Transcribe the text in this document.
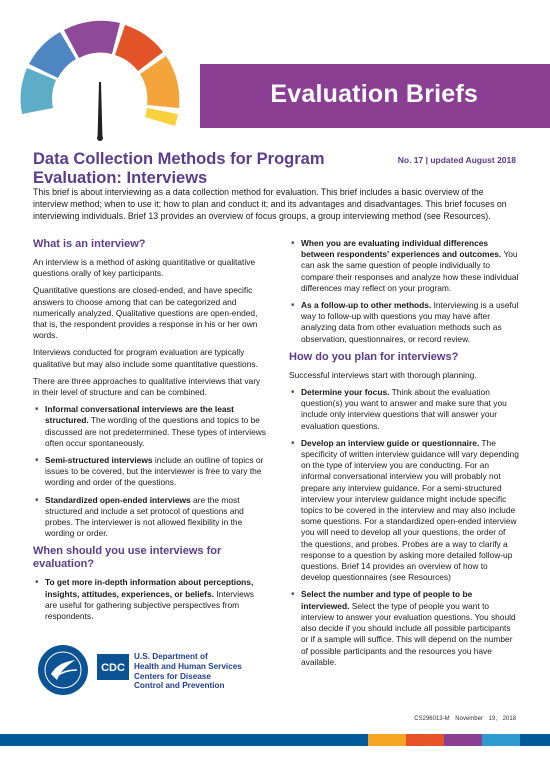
Evaluation Briefs
Data Collection Methods for Program
Evaluation: Interviews
No. 17 | updated August 2018

This brief is about interviewing as a data collection method for evaluation. This brief includes a basic overview of the interview method; when to use it; how to plan and conduct it; and its advantages and disadvantages. This brief focuses on interviewing individuals. Brief 13 provides an overview of focus groups, a group interviewing method (see Resources).

What is an interview?

An interview is a method of asking quantitative or qualitative questions orally of key participants.

Quantitative questions are closed-ended, and have specific answers to choose among that can be categorized and numerically analyzed. Qualitative questions are open-ended, that is, the respondent provides a response in his or her own words.

Interviews conducted for program evaluation are typically qualitative but may also include some quantitative questions.

There are three approaches to qualitative interviews that vary in their level of structure and can be combined.

• Informal conversational interviews are the least structured. The wording of the questions and topics to be discussed are not predetermined. These types of interviews often occur spontaneously.
• Semi-structured interviews include an outline of topics or issues to be covered, but the interviewer is free to vary the wording and order of the questions.
• Standardized open-ended interviews are the most structured and include a set protocol of questions and probes. The interviewer is not allowed flexibility in the wording or order.
When should you use interviews for evaluation?
• To get more in-depth information about perceptions, insights, attitudes, experiences, or beliefs. Interviews are useful for gathering subjective perspectives from respondents.
• When you are evaluating individual differences between respondents' experiences and outcomes. You can ask the same question of people individually to compare their responses and analyze how these individual differences may reflect on your program.
• As a follow-up to other methods. Interviewing is a useful way to follow-up with questions you may have after analyzing data from other evaluation methods such as observation, questionnaires, or record review.
How do you plan for interviews?

Successful interviews start with thorough planning.

• Determine your focus. Think about the evaluation question(s) you want to answer and make sure that you include only interview questions that will answer your evaluation questions.
• Develop an interview guide or questionnaire. The specificity of written interview guidance will vary depending on the type of interview you are conducting. For an informal conversational interview you will probably not prepare any interview guidance. For a semi-structured interview your interview guidance might include specific topics to be covered in the interview and may also include some questions. For a standardized open-ended interview you will need to develop all your questions, the order of the questions, and probes. Probes are a way to clarify a response to a question by asking more detailed follow-up questions. Brief 14 provides an overview of how to develop questionnaires (see Resources)
• Select the number and type of people to be interviewed. Select the type of people you want to interview to answer your evaluation questions. You should also decide if you should include all possible participants or if a sample will suffice. This will depend on the number of possible participants and the resources you have available.
CDC
U.S. Department of
Health and Human Services
Centers for Disease
Control and Prevention
CS296013-M November 19, 2018
